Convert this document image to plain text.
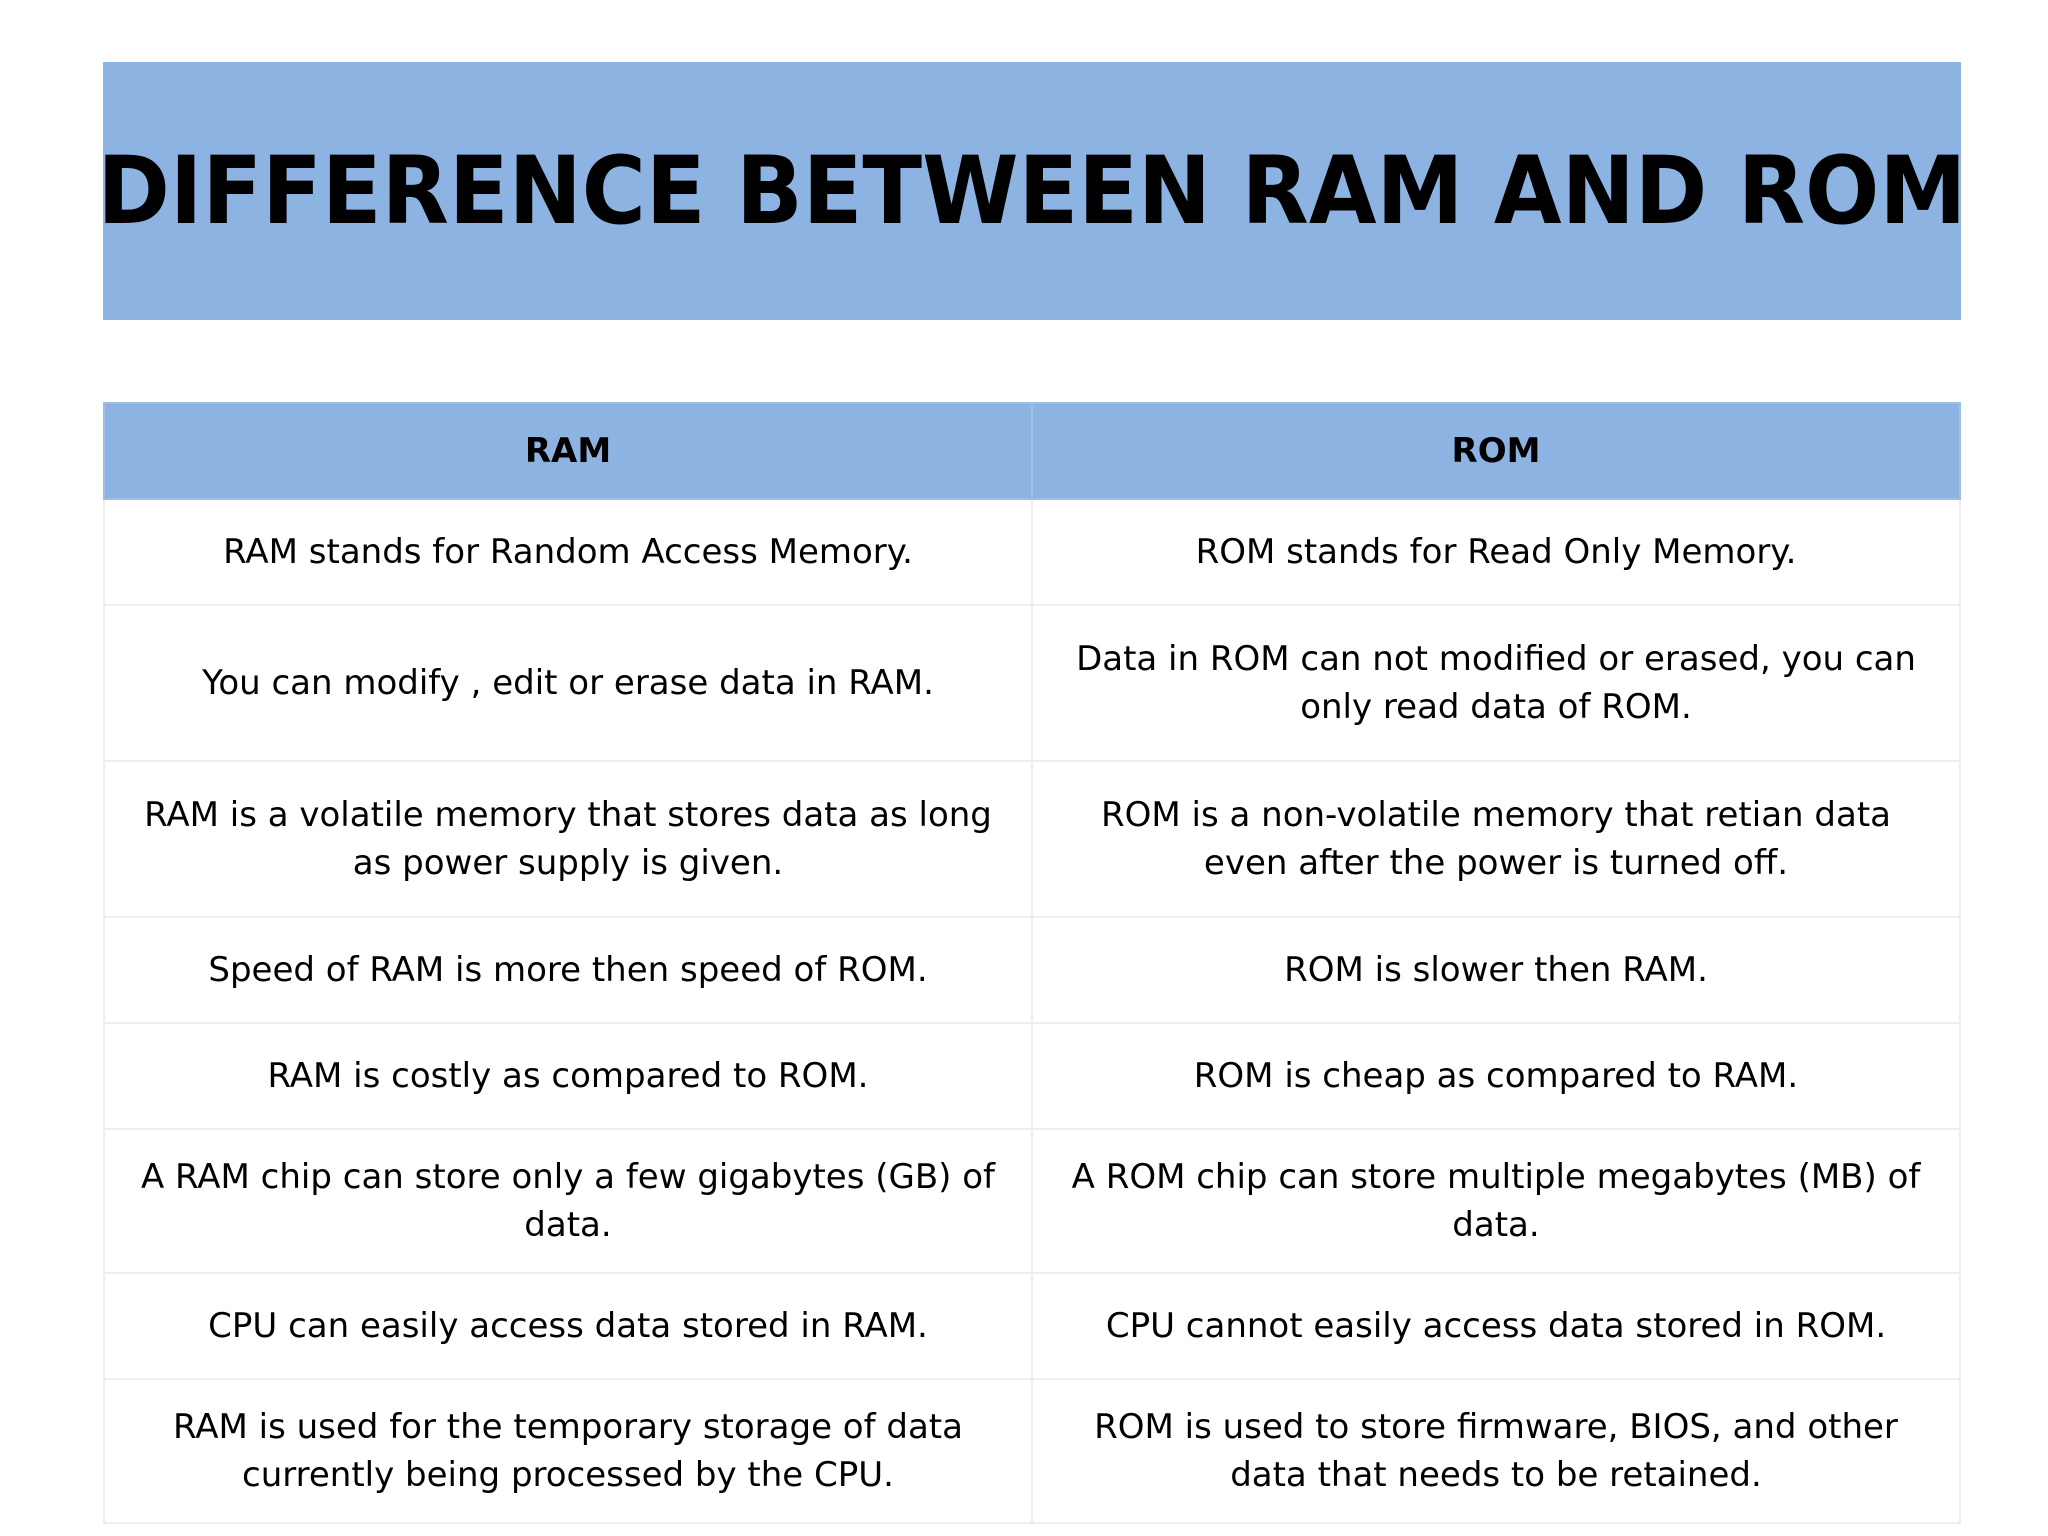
DIFFERENCE BETWEEN RAM AND ROM
RAM	ROM
RAM stands for Random Access Memory.	ROM stands for Read Only Memory.
You can modify , edit or erase data in RAM.	Data in ROM can not modified or erased, you can only read data of ROM.
RAM is a volatile memory that stores data as long as power supply is given.	ROM is a non-volatile memory that retian data even after the power is turned off.
Speed of RAM is more then speed of ROM.	ROM is slower then RAM.
RAM is costly as compared to ROM.	ROM is cheap as compared to RAM.
A RAM chip can store only a few gigabytes (GB) of data.	A ROM chip can store multiple megabytes (MB) of data.
CPU can easily access data stored in RAM.	CPU cannot easily access data stored in ROM.
RAM is used for the temporary storage of data currently being processed by the CPU.	ROM is used to store firmware, BIOS, and other data that needs to be retained.
